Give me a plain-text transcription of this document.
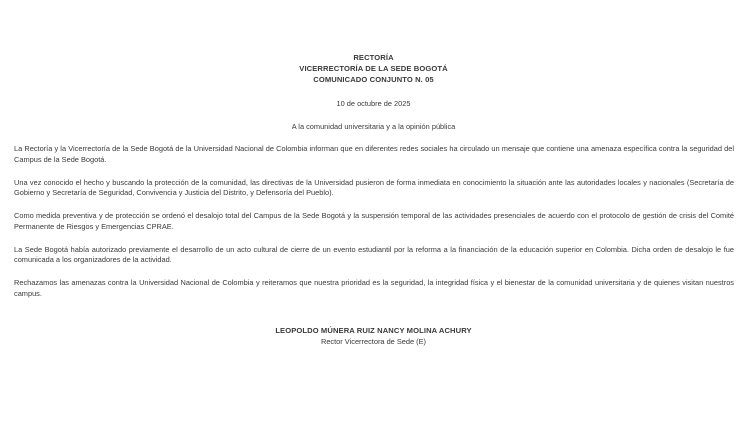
RECTORÍA
VICERRECTORÍA DE LA SEDE BOGOTÁ
COMUNICADO CONJUNTO N. 05
10 de octubre de 2025
A la comunidad universitaria y a la opinión pública

La Rectoría y la Vicerrectoría de la Sede Bogotá de la Universidad Nacional de Colombia informan que en diferentes redes sociales ha circulado un mensaje que contiene una amenaza específica contra la seguridad del Campus de la Sede Bogotá.

Una vez conocido el hecho y buscando la protección de la comunidad, las directivas de la Universidad pusieron de forma inmediata en conocimiento la situación ante las autoridades locales y nacionales (Secretaría de Gobierno y Secretaría de Seguridad, Convivencia y Justicia del Distrito, y Defensoría del Pueblo).

Como medida preventiva y de protección se ordenó el desalojo total del Campus de la Sede Bogotá y la suspensión temporal de las actividades presenciales de acuerdo con el protocolo de gestión de crisis del Comité Permanente de Riesgos y Emergencias CPRAE.

La Sede Bogotá había autorizado previamente el desarrollo de un acto cultural de cierre de un evento estudiantil por la reforma a la financiación de la educación superior en Colombia. Dicha orden de desalojo le fue comunicada a los organizadores de la actividad.

Rechazamos las amenazas contra la Universidad Nacional de Colombia y reiteramos que nuestra prioridad es la seguridad, la integridad física y el bienestar de la comunidad universitaria y de quienes visitan nuestros campus.

LEOPOLDO MÚNERA RUIZ NANCY MOLINA ACHURY
Rector Vicerrectora de Sede (E)
